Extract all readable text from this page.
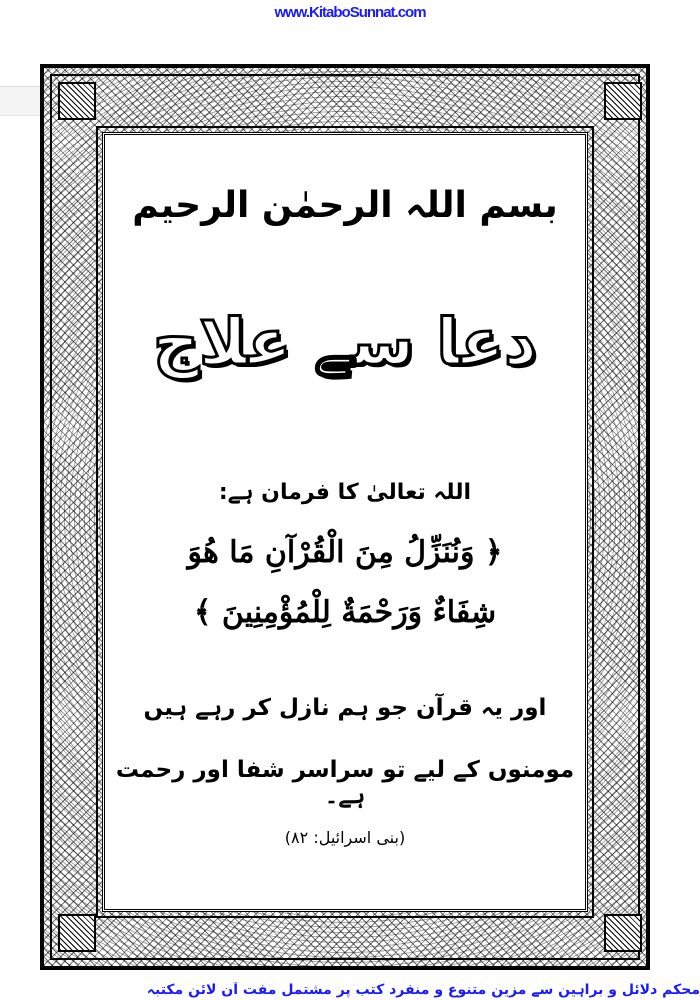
www.KitaboSunnat.com
بسم اللہ الرحمٰن الرحیم
دعا سے علاج
اللہ تعالیٰ کا فرمان ہے:
﴿ وَنُنَزِّلُ مِنَ الْقُرْآنِ مَا هُوَ
شِفَاءٌ وَرَحْمَةٌ لِلْمُؤْمِنِينَ ﴾
اور یہ قرآن جو ہم نازل کر رہے ہیں
مومنوں کے لیے تو سراسر شفا اور رحمت ہے۔
(بنی اسرائیل: ۸۲)
محکم دلائل و براہین سے مزین متنوع و منفرد کتب پر مشتمل مفت آن لائن مکتبہ
